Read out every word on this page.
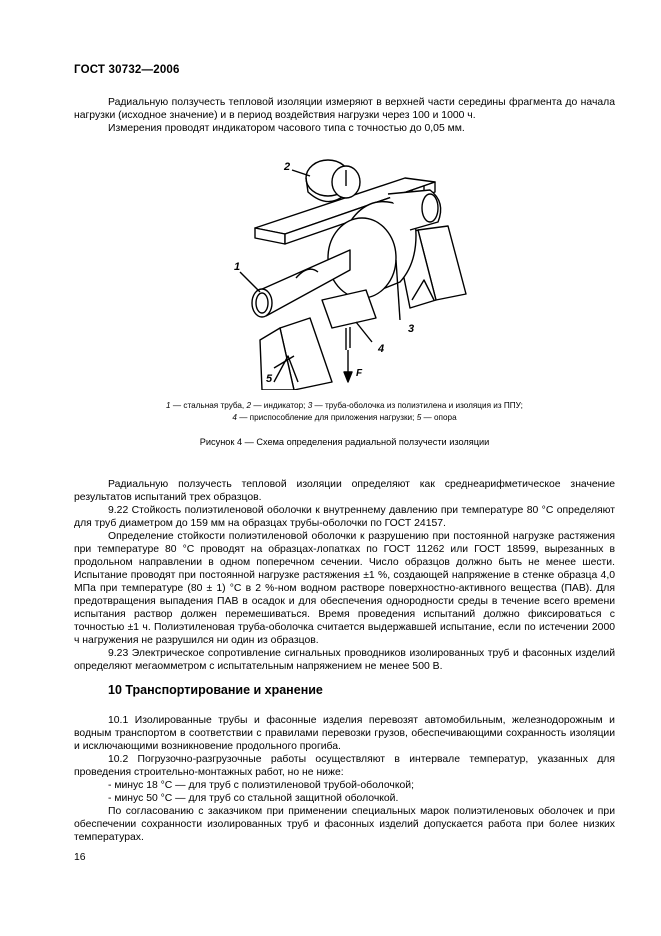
ГОСТ 30732—2006

Радиальную ползучесть тепловой изоляции измеряют в верхней части середины фрагмента до начала нагрузки (исходное значение) и в период воздействия нагрузки через 100 и 1000 ч.

Измерения проводят индикатором часового типа с точностью до 0,05 мм.

1
2
3
4
5	F
1 — стальная труба, 2 — индикатор; 3 — труба-оболочка из полиэтилена и изоляция из ППУ;
4 — приспособление для приложения нагрузки; 5 — опора
Рисунок 4 — Схема определения радиальной ползучести изоляции

Радиальную ползучесть тепловой изоляции определяют как среднеарифметическое значение результатов испытаний трех образцов.

9.22 Стойкость полиэтиленовой оболочки к внутреннему давлению при температуре 80 °С определяют для труб диаметром до 159 мм на образцах трубы-оболочки по ГОСТ 24157.

Определение стойкости полиэтиленовой оболочки к разрушению при постоянной нагрузке растяжения при температуре 80 °С проводят на образцах-лопатках по ГОСТ 11262 или ГОСТ 18599, вырезанных в продольном направлении в одном поперечном сечении. Число образцов должно быть не менее шести. Испытание проводят при постоянной нагрузке растяжения ±1 %, создающей напряжение в стенке образца 4,0 МПа при температуре (80 ± 1) °С в 2 %-ном водном растворе поверхностно-активного вещества (ПАВ). Для предотвращения выпадения ПАВ в осадок и для обеспечения однородности среды в течение всего времени испытания раствор должен перемешиваться. Время проведения испытаний должно фиксироваться с точностью ±1 ч. Полиэтиленовая труба-оболочка считается выдержавшей испытание, если по истечении 2000 ч нагружения не разрушился ни один из образцов.

9.23 Электрическое сопротивление сигнальных проводников изолированных труб и фасонных изделий определяют мегаомметром с испытательным напряжением не менее 500 В.

10 Транспортирование и хранение

10.1 Изолированные трубы и фасонные изделия перевозят автомобильным, железнодорожным и водным транспортом в соответствии с правилами перевозки грузов, обеспечивающими сохранность изоляции и исключающими возникновение продольного прогиба.

10.2 Погрузочно-разгрузочные работы осуществляют в интервале температур, указанных для проведения строительно-монтажных работ, но не ниже:

- минус 18 °С — для труб с полиэтиленовой трубой-оболочкой;

- минус 50 °С — для труб со стальной защитной оболочкой.

По согласованию с заказчиком при применении специальных марок полиэтиленовых оболочек и при обеспечении сохранности изолированных труб и фасонных изделий допускается работа при более низких температурах.

16
